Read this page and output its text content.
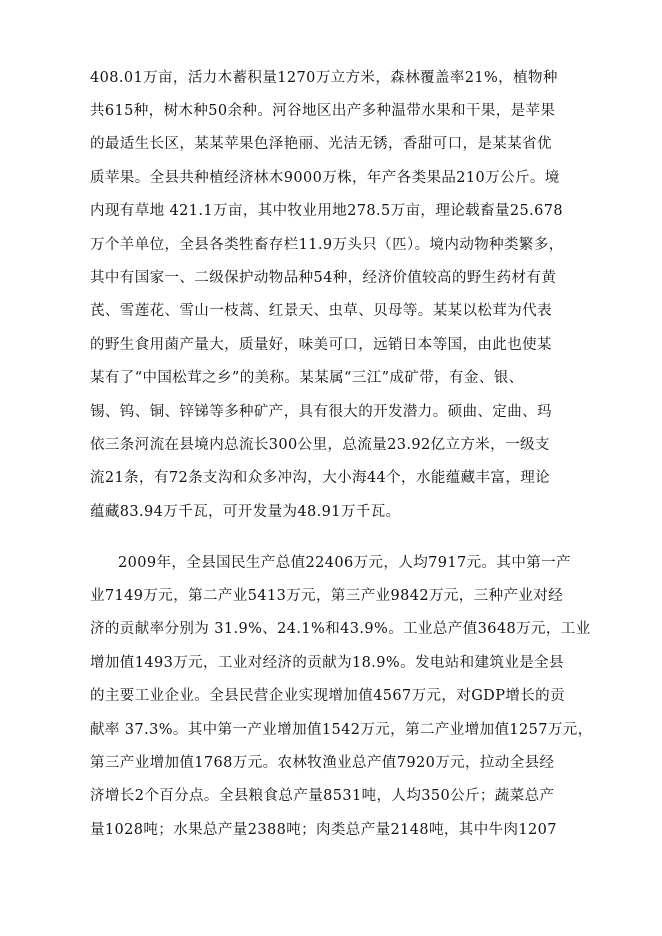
408.01万亩，活力木蓄积量1270万立方米，森林覆盖率21%，植物种
共615种，树木种50余种。河谷地区出产多种温带水果和干果，是苹果
的最适生长区，某某苹果色泽艳丽、光洁无锈，香甜可口，是某某省优
质苹果。全县共种植经济林木9000万株，年产各类果品210万公斤。境
内现有草地 421.1万亩，其中牧业用地278.5万亩，理论载畜量25.678
万个羊单位，全县各类牲畜存栏11.9万头只（匹）。境内动物种类繁多，
其中有国家一、二级保护动物品种54种，经济价值较高的野生药材有黄
芪、雪莲花、雪山一枝蒿、红景天、虫草、贝母等。某某以松茸为代表
的野生食用菌产量大，质量好，味美可口，远销日本等国，由此也使某
某有了“中国松茸之乡”的美称。某某属“三江”成矿带，有金、银、
锡、钨、铜、锌锑等多种矿产，具有很大的开发潜力。硕曲、定曲、玛
依三条河流在县境内总流长300公里，总流量23.92亿立方米，一级支
流21条，有72条支沟和众多冲沟，大小海44个，水能蕴藏丰富，理论
蕴藏83.94万千瓦，可开发量为48.91万千瓦。
2009年，全县国民生产总值22406万元，人均7917元。其中第一产
业7149万元，第二产业5413万元，第三产业9842万元，三种产业对经
济的贡献率分别为 31.9%、24.1%和43.9%。工业总产值3648万元，工业
增加值1493万元，工业对经济的贡献为18.9%。发电站和建筑业是全县
的主要工业企业。全县民营企业实现增加值4567万元，对GDP增长的贡
献率 37.3%。其中第一产业增加值1542万元，第二产业增加值1257万元，
第三产业增加值1768万元。农林牧渔业总产值7920万元，拉动全县经
济增长2个百分点。全县粮食总产量8531吨，人均350公斤；蔬菜总产
量1028吨；水果总产量2388吨；肉类总产量2148吨，其中牛肉1207
